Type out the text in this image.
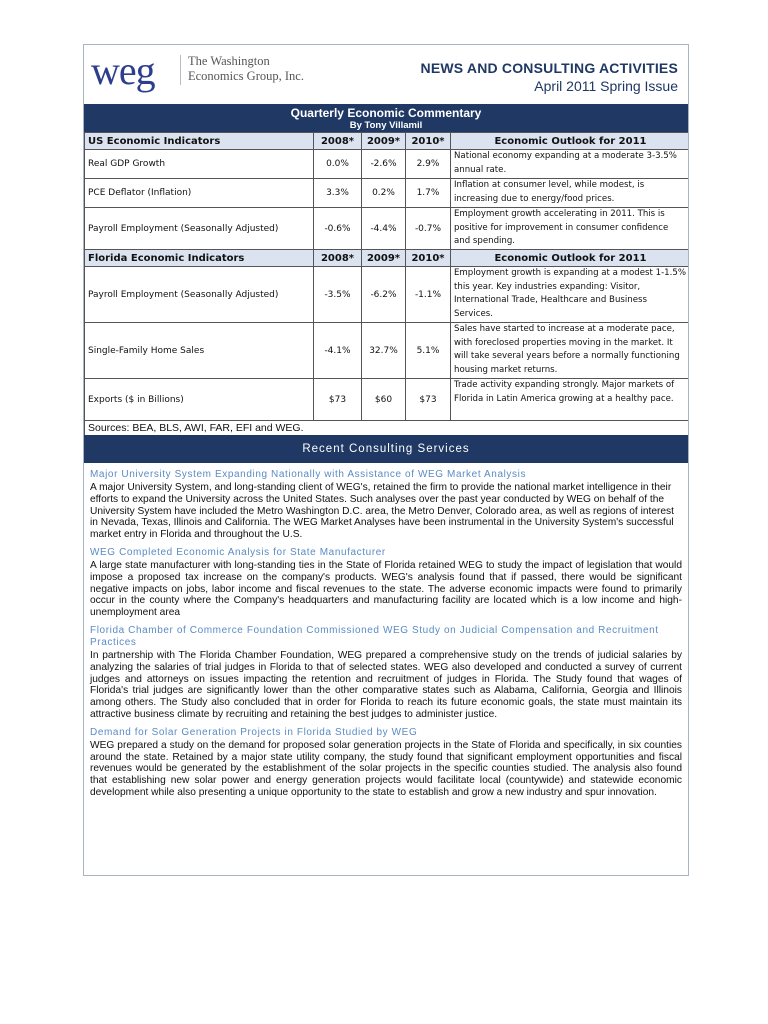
weg	The Washington
Economics Group, Inc.	NEWS AND CONSULTING ACTIVITIES
April 2011 Spring Issue
Quarterly Economic Commentary
By Tony Villamil
US Economic Indicators	2008*	2009*	2010*	Economic Outlook for 2011
Real GDP Growth	0.0%	-2.6%	2.9%	National economy expanding at a moderate 3-3.5% annual rate.
PCE Deflator (Inflation)	3.3%	0.2%	1.7%	Inflation at consumer level, while modest, is increasing due to energy/food prices.
Payroll Employment (Seasonally Adjusted)	-0.6%	-4.4%	-0.7%	Employment growth accelerating in 2011. This is positive for improvement in consumer confidence and spending.
Florida Economic Indicators	2008*	2009*	2010*	Economic Outlook for 2011
Payroll Employment (Seasonally Adjusted)	-3.5%	-6.2%	-1.1%	Employment growth is expanding at a modest 1-1.5% this year. Key industries expanding: Visitor, International Trade, Healthcare and Business Services.
Single-Family Home Sales	-4.1%	32.7%	5.1%	Sales have started to increase at a moderate pace, with foreclosed properties moving in the market. It will take several years before a normally functioning housing market returns.
Exports ($ in Billions)	$73	$60	$73	Trade activity expanding strongly. Major markets of Florida in Latin America growing at a healthy pace.
Sources: BEA, BLS, AWI, FAR, EFI and WEG.				
Recent Consulting Services
Major University System Expanding Nationally with Assistance of WEG Market Analysis
A major University System, and long-standing client of WEG's, retained the firm to provide the national market intelligence in their efforts to expand the University across the United States. Such analyses over the past year conducted by WEG on behalf of the University System have included the Metro Washington D.C. area, the Metro Denver, Colorado area, as well as regions of interest in Nevada, Texas, Illinois and California. The WEG Market Analyses have been instrumental in the University System's successful market entry in Florida and throughout the U.S.
WEG Completed Economic Analysis for State Manufacturer
A large state manufacturer with long-standing ties in the State of Florida retained WEG to study the impact of legislation that would impose a proposed tax increase on the company's products. WEG's analysis found that if passed, there would be significant negative impacts on jobs, labor income and fiscal revenues to the state. The adverse economic impacts were found to primarily occur in the county where the Company's headquarters and manufacturing facility are located which is a low income and high-unemployment area
Florida Chamber of Commerce Foundation Commissioned WEG Study on Judicial Compensation and Recruitment Practices
In partnership with The Florida Chamber Foundation, WEG prepared a comprehensive study on the trends of judicial salaries by analyzing the salaries of trial judges in Florida to that of selected states. WEG also developed and conducted a survey of current judges and attorneys on issues impacting the retention and recruitment of judges in Florida. The Study found that wages of Florida's trial judges are significantly lower than the other comparative states such as Alabama, California, Georgia and Illinois among others. The Study also concluded that in order for Florida to reach its future economic goals, the state must maintain its attractive business climate by recruiting and retaining the best judges to administer justice.
Demand for Solar Generation Projects in Florida Studied by WEG
WEG prepared a study on the demand for proposed solar generation projects in the State of Florida and specifically, in six counties around the state. Retained by a major state utility company, the study found that significant employment opportunities and fiscal revenues would be generated by the establishment of the solar projects in the specific counties studied. The analysis also found that establishing new solar power and energy generation projects would facilitate local (countywide) and statewide economic development while also presenting a unique opportunity to the state to establish and grow a new industry and spur innovation.
